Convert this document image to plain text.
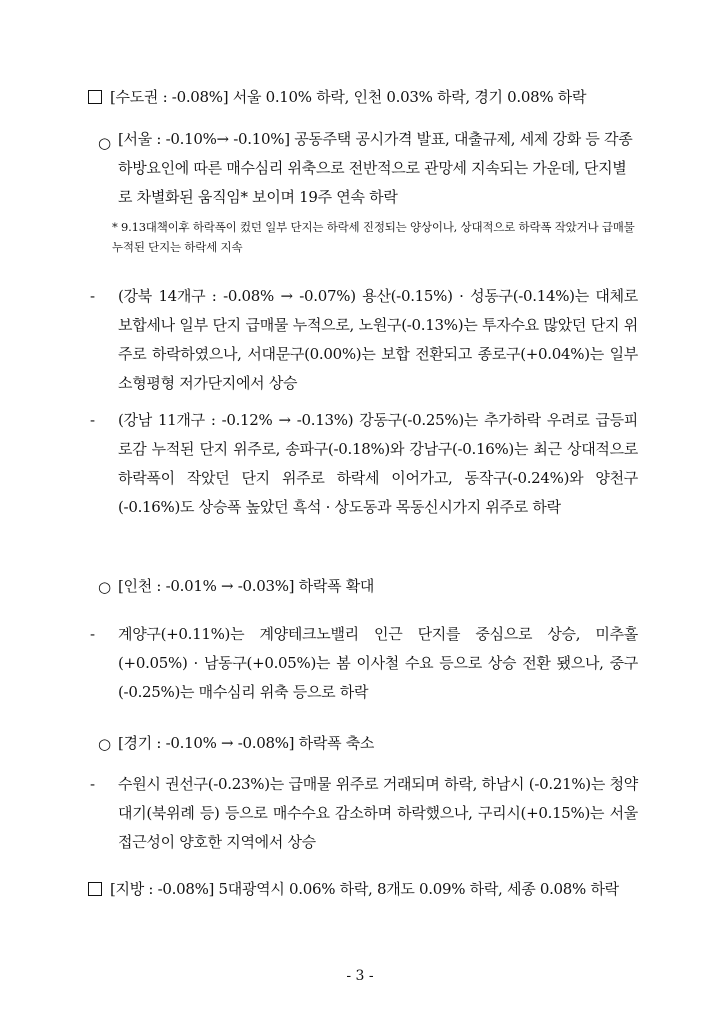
[수도권 : -0.08%] 서울 0.10% 하락, 인천 0.03% 하락, 경기 0.08% 하락
○ [서울 : -0.10%→ -0.10%] 공동주택 공시가격 발표, 대출규제, 세제 강화 등 각종 하방요인에 따른 매수심리 위축으로 전반적으로 관망세 지속되는 가운데, 단지별로 차별화된 움직임* 보이며 19주 연속 하락
* 9.13대책이후 하락폭이 컸던 일부 단지는 하락세 진정되는 양상이나, 상대적으로 하락폭 작았거나 급매물 누적된 단지는 하락세 지속
- (강북 14개구 : -0.08% → -0.07%) 용산(-0.15%) · 성동구(-0.14%)는 대체로 보합세나 일부 단지 급매물 누적으로, 노원구(-0.13%)는 투자수요 많았던 단지 위주로 하락하였으나, 서대문구(0.00%)는 보합 전환되고 종로구(+0.04%)는 일부 소형평형 저가단지에서 상승
- (강남 11개구 : -0.12% → -0.13%) 강동구(-0.25%)는 추가하락 우려로 급등피로감 누적된 단지 위주로, 송파구(-0.18%)와 강남구(-0.16%)는 최근 상대적으로 하락폭이 작았던 단지 위주로 하락세 이어가고, 동작구(-0.24%)와 양천구(-0.16%)도 상승폭 높았던 흑석 · 상도동과 목동신시가지 위주로 하락
○ [인천 : -0.01% → -0.03%] 하락폭 확대
- 계양구(+0.11%)는 계양테크노밸리 인근 단지를 중심으로 상승, 미추홀(+0.05%) · 남동구(+0.05%)는 봄 이사철 수요 등으로 상승 전환 됐으나, 중구(-0.25%)는 매수심리 위축 등으로 하락
○ [경기 : -0.10% → -0.08%] 하락폭 축소
- 수원시 권선구(-0.23%)는 급매물 위주로 거래되며 하락, 하남시 (-0.21%)는 청약대기(북위례 등) 등으로 매수수요 감소하며 하락했으나, 구리시(+0.15%)는 서울 접근성이 양호한 지역에서 상승
[지방 : -0.08%] 5대광역시 0.06% 하락, 8개도 0.09% 하락, 세종 0.08% 하락
- 3 -
